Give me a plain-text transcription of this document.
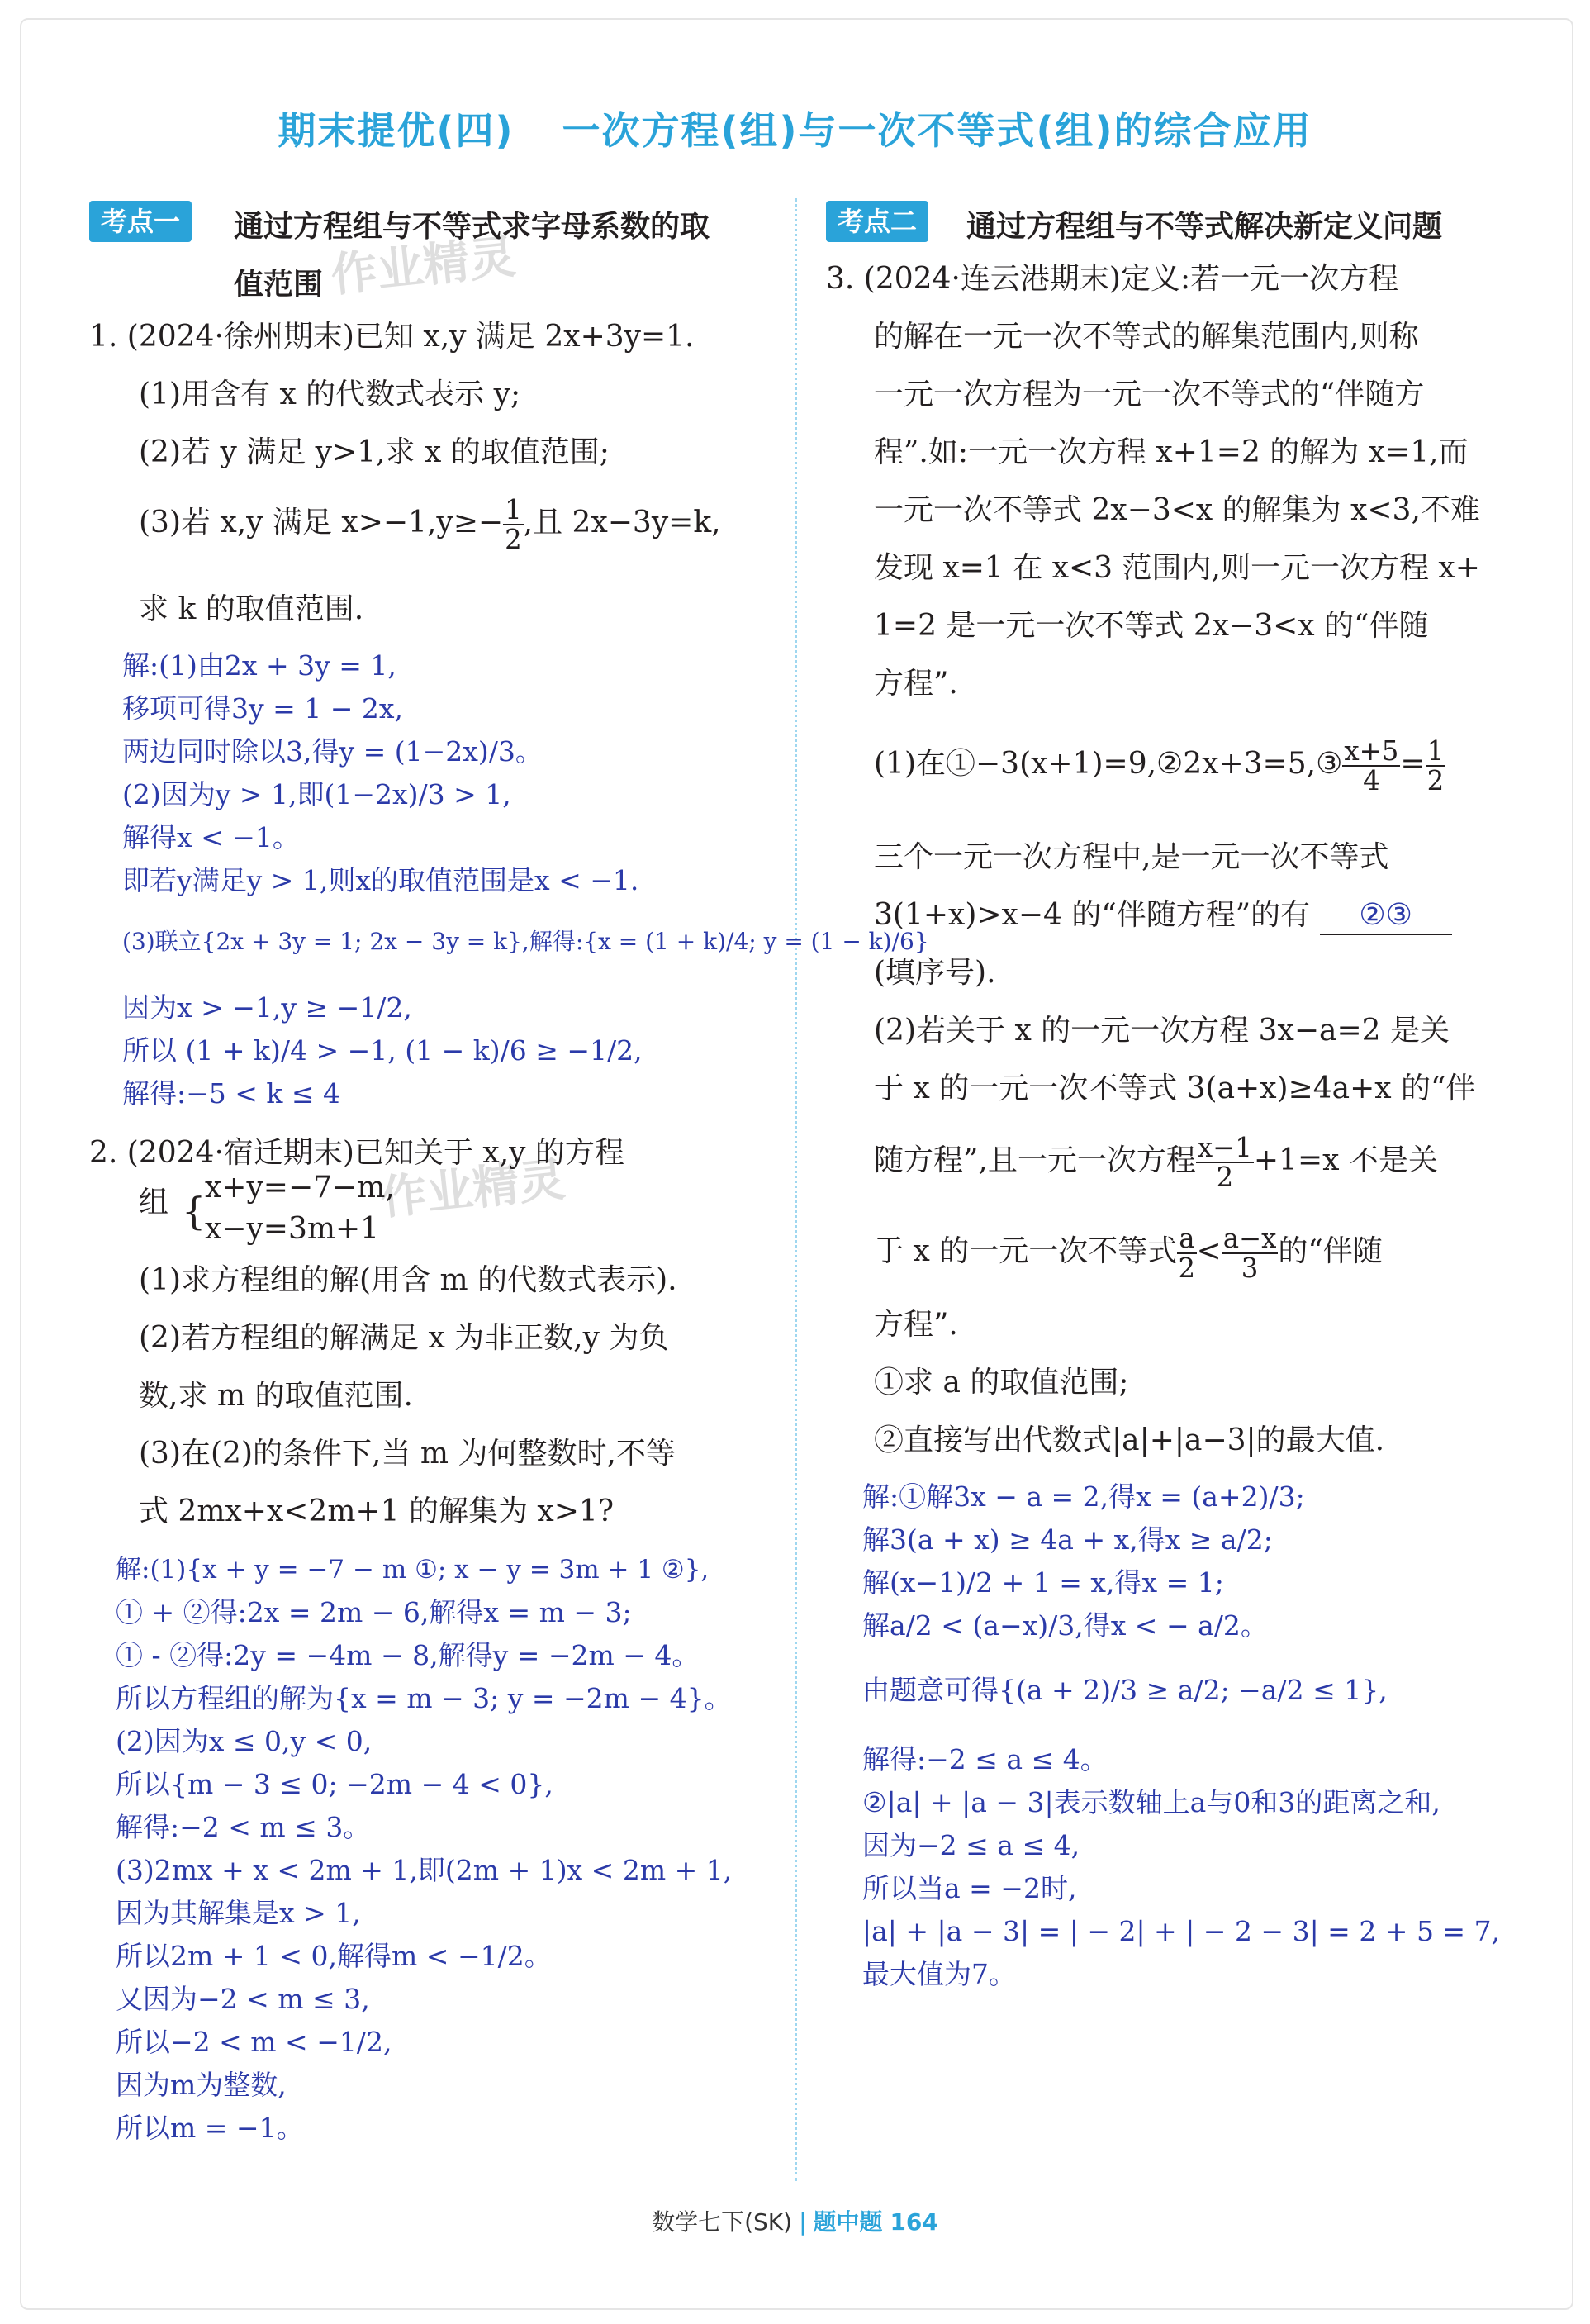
期末提优(四) 一次方程(组)与一次不等式(组)的综合应用
作业精灵
作业精灵
考点一	通过方程组与不等式求字母系数的取
值范围
1. (2024·徐州期末)已知 x,y 满足 2x+3y=1.
(1)用含有 x 的代数式表示 y;
(2)若 y 满足 y>1,求 x 的取值范围;
(3)若 x,y 满足 $x>-1,y\ge- \frac{1}{2}$ ,且 2x−3y=k,
求 k 的取值范围.
解:(1)由2x + 3y = 1,
移项可得3y = 1 − 2x,
两边同时除以3,得y = (1−2x)/3。
(2)因为y > 1,即(1−2x)/3 > 1,
解得x < −1。
即若y满足y > 1,则x的取值范围是x < −1.
(3)联立{2x + 3y = 1; 2x − 3y = k},解得:{x = (1 + k)/4; y = (1 − k)/6}
因为x > −1,y ≥ −1/2,
所以 (1 + k)/4 > −1, (1 − k)/6 ≥ −1/2,
解得:−5 < k ≤ 4
2. (2024·宿迁期末)已知关于 x,y 的方程
组 {
x+y=−7−m,
x−y=3m+1
(1)求方程组的解(用含 m 的代数式表示).
(2)若方程组的解满足 x 为非正数,y 为负
数,求 m 的取值范围.
(3)在(2)的条件下,当 m 为何整数时,不等
式 2mx+x<2m+1 的解集为 x>1?
解:(1){x + y = −7 − m ①; x − y = 3m + 1 ②},
① + ②得:2x = 2m − 6,解得x = m − 3;
① - ②得:2y = −4m − 8,解得y = −2m − 4。
所以方程组的解为{x = m − 3; y = −2m − 4}。
(2)因为x ≤ 0,y < 0,
所以{m − 3 ≤ 0; −2m − 4 < 0},
解得:−2 < m ≤ 3。
(3)2mx + x < 2m + 1,即(2m + 1)x < 2m + 1,
因为其解集是x > 1,
所以2m + 1 < 0,解得m < −1/2。
又因为−2 < m ≤ 3,
所以−2 < m < −1/2,
因为m为整数,
所以m = −1。
考点二	通过方程组与不等式解决新定义问题
3. (2024·连云港期末)定义:若一元一次方程
的解在一元一次不等式的解集范围内,则称
一元一次方程为一元一次不等式的“伴随方
程”.如:一元一次方程 x+1=2 的解为 x=1,而
一元一次不等式 2x−3<x 的解集为 x<3,不难
发现 x=1 在 x<3 范围内,则一元一次方程 x+
1=2 是一元一次不等式 2x−3<x 的“伴随
方程”.
(1)在①−3(x+1)=9,②2x+3=5,③ $\frac{x+5}{4} = \frac{1}{2}$
三个一元一次方程中,是一元一次不等式
3(1+x)>x−4 的“伴随方程”的有 ②③
(填序号).
(2)若关于 x 的一元一次方程 3x−a=2 是关
于 x 的一元一次不等式 3(a+x)≥4a+x 的“伴
随方程”,且一元一次方程 $\frac{x-1}{2} +1=x$ 不是关
于 x 的一元一次不等式 $\frac{a}{2} < \frac{a-x}{3}$ 的“伴随
方程”.
①求 a 的取值范围;
②直接写出代数式|a|+|a−3|的最大值.
解:①解3x − a = 2,得x = (a+2)/3;
解3(a + x) ≥ 4a + x,得x ≥ a/2;
解(x−1)/2 + 1 = x,得x = 1;
解a/2 < (a−x)/3,得x < − a/2。
由题意可得{(a + 2)/3 ≥ a/2; −a/2 ≤ 1},
解得:−2 ≤ a ≤ 4。
②|a| + |a − 3|表示数轴上a与0和3的距离之和,
因为−2 ≤ a ≤ 4,
所以当a = −2时,
|a| + |a − 3| = | − 2| + | − 2 − 3| = 2 + 5 = 7,
最大值为7。
数学七下(SK) | 题中题 164
